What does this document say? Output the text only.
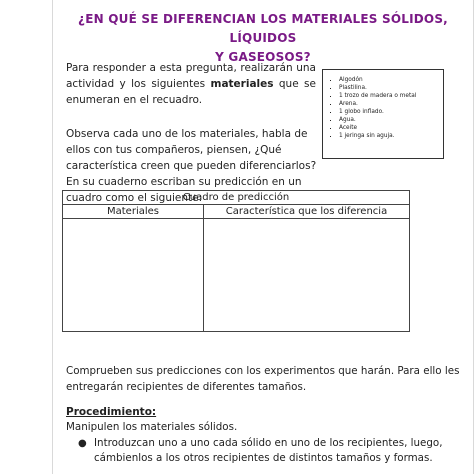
¿EN QUÉ SE DIFERENCIAN LOS MATERIALES SÓLIDOS, LÍQUIDOS
Y GASEOSOS?
Para responder a esta pregunta, realizarán una actividad y los siguientes materiales que se enumeran en el recuadro.
▪ Algodón
▪ Plastilina.
▪ 1 trozo de madera o metal
▪ Arena.
▪ 1 globo inflado.
▪ Agua.
▪ Aceite
▪ 1 jeringa sin aguja.
Observa cada uno de los materiales, habla de ellos con tus compañeros, piensen, ¿Qué característica creen que pueden diferenciarlos? En su cuaderno escriban su predicción en un cuadro como el siguiente:
Cuadro de predicción	
Materiales	Característica que los diferencia

Comprueben sus predicciones con los experimentos que harán. Para ello les entregarán recipientes de diferentes tamaños.
Procedimiento:
Manipulen los materiales sólidos.
● Introduzcan uno a uno cada sólido en uno de los recipientes, luego, cámbienlos a los otros recipientes de distintos tamaños y formas.
